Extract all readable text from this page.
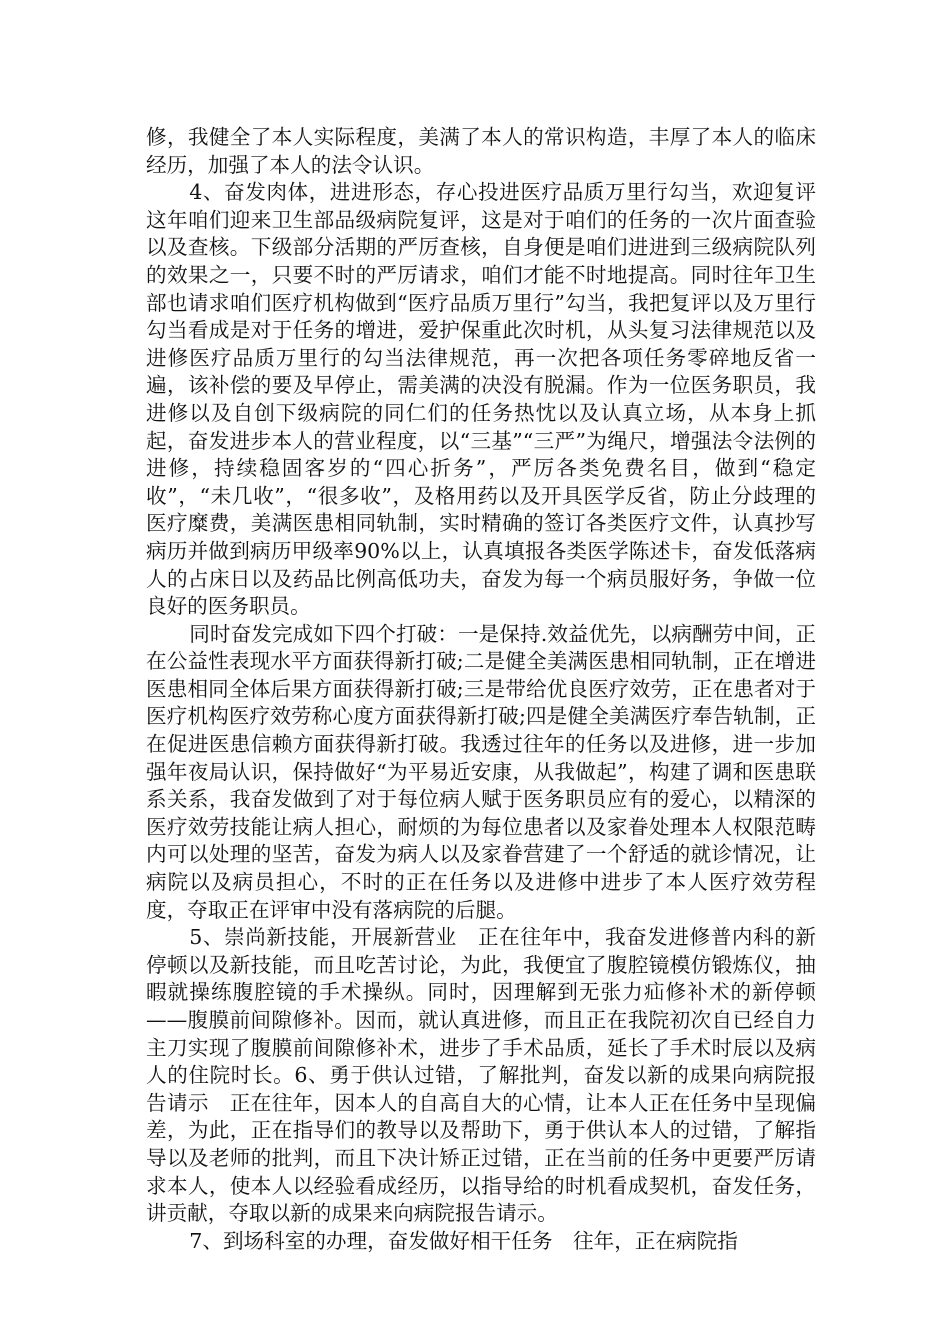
修，我健全了本人实际程度，美满了本人的常识构造，丰厚了本人的临床经历，加强了本人的法令认识。

4、奋发肉体，进进形态，存心投进医疗品质万里行勾当，欢迎复评　这年咱们迎来卫生部品级病院复评，这是对于咱们的任务的一次片面查验以及查核。下级部分活期的严厉查核，自身便是咱们进进到三级病院队列的效果之一，只要不时的严厉请求，咱们才能不时地提高。同时往年卫生部也请求咱们医疗机构做到“医疗品质万里行”勾当，我把复评以及万里行勾当看成是对于任务的增进，爱护保重此次时机，从头复习法律规范以及进修医疗品质万里行的勾当法律规范，再一次把各项任务零碎地反省一遍，该补偿的要及早停止，需美满的决没有脱漏。作为一位医务职员，我进修以及自创下级病院的同仁们的任务热忱以及认真立场，从本身上抓起，奋发进步本人的营业程度，以“三基”“三严”为绳尺，增强法令法例的进修，持续稳固客岁的“四心折务”，严厉各类免费名目，做到“稳定收”，“未几收”，“很多收”，及格用药以及开具医学反省，防止分歧理的医疗糜费，美满医患相同轨制，实时精确的签订各类医疗文件，认真抄写病历并做到病历甲级率90%以上，认真填报各类医学陈述卡，奋发低落病人的占床日以及药品比例高低功夫，奋发为每一个病员服好务，争做一位良好的医务职员。

同时奋发完成如下四个打破：一是保持.效益优先，以病酬劳中间，正在公益性表现水平方面获得新打破;二是健全美满医患相同轨制，正在增进医患相同全体后果方面获得新打破;三是带给优良医疗效劳，正在患者对于医疗机构医疗效劳称心度方面获得新打破;四是健全美满医疗奉告轨制，正在促进医患信赖方面获得新打破。我透过往年的任务以及进修，进一步加强年夜局认识，保持做好“为平易近安康，从我做起”，构建了调和医患联系关系，我奋发做到了对于每位病人赋于医务职员应有的爱心，以精深的医疗效劳技能让病人担心，耐烦的为每位患者以及家眷处理本人权限范畴内可以处理的坚苦，奋发为病人以及家眷营建了一个舒适的就诊情况，让病院以及病员担心，不时的正在任务以及进修中进步了本人医疗效劳程度，夺取正在评审中没有落病院的后腿。

5、崇尚新技能，开展新营业　正在往年中，我奋发进修普内科的新停顿以及新技能，而且吃苦讨论，为此，我便宜了腹腔镜模仿锻炼仪，抽暇就操练腹腔镜的手术操纵。同时，因理解到无张力疝修补术的新停顿——腹膜前间隙修补。因而，就认真进修，而且正在我院初次自已经自力主刀实现了腹膜前间隙修补术，进步了手术品质，延长了手术时辰以及病人的住院时长。6、勇于供认过错，了解批判，奋发以新的成果向病院报告请示　正在往年，因本人的自高自大的心情，让本人正在任务中呈现偏差，为此，正在指导们的教导以及帮助下，勇于供认本人的过错，了解指导以及老师的批判，而且下决计矫正过错，正在当前的任务中更要严厉请求本人，使本人以经验看成经历，以指导给的时机看成契机，奋发任务，讲贡献，夺取以新的成果来向病院报告请示。

7、到场科室的办理，奋发做好相干任务　往年，正在病院指
